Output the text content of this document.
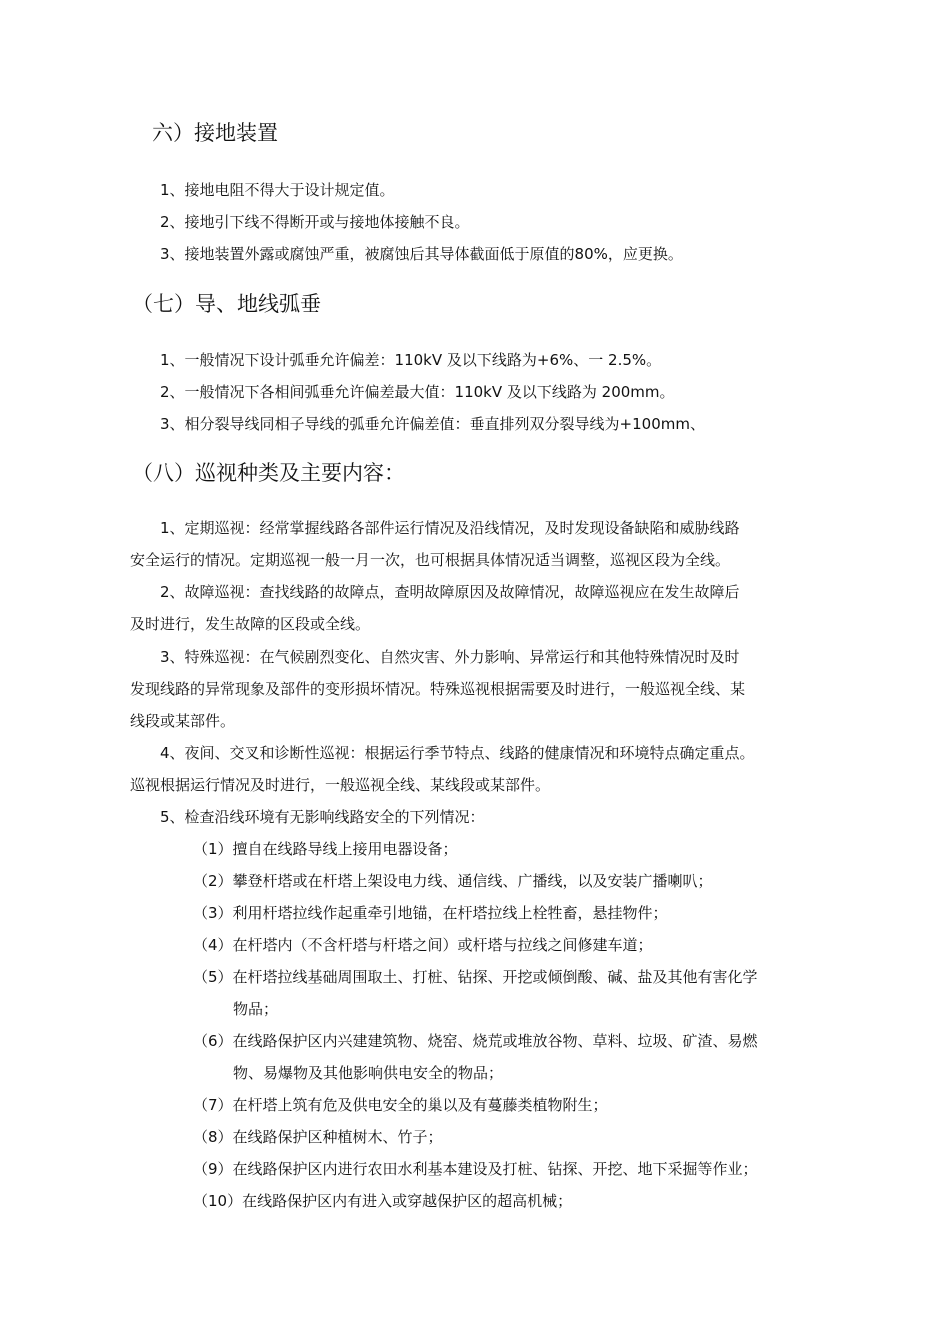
六）接地装置
1、接地电阻不得大于设计规定值。
2、接地引下线不得断开或与接地体接触不良。
3、接地装置外露或腐蚀严重，被腐蚀后其导体截面低于原值的80%，应更换。
（七）导、地线弧垂
1、一般情况下设计弧垂允许偏差：110kV 及以下线路为+6%、一 2.5%。
2、一般情况下各相间弧垂允许偏差最大值：110kV 及以下线路为 200mm。
3、相分裂导线同相子导线的弧垂允许偏差值：垂直排列双分裂导线为+100mm、
（八）巡视种类及主要内容：
1、定期巡视：经常掌握线路各部件运行情况及沿线情况，及时发现设备缺陷和威胁线路
安全运行的情况。定期巡视一般一月一次，也可根据具体情况适当调整，巡视区段为全线。
2、故障巡视：查找线路的故障点，查明故障原因及故障情况，故障巡视应在发生故障后
及时进行，发生故障的区段或全线。
3、特殊巡视：在气候剧烈变化、自然灾害、外力影响、异常运行和其他特殊情况时及时
发现线路的异常现象及部件的变形损坏情况。特殊巡视根据需要及时进行，一般巡视全线、某
线段或某部件。
4、夜间、交叉和诊断性巡视：根据运行季节特点、线路的健康情况和环境特点确定重点。
巡视根据运行情况及时进行，一般巡视全线、某线段或某部件。
5、检查沿线环境有无影响线路安全的下列情况：
（1）擅自在线路导线上接用电器设备；
（2）攀登杆塔或在杆塔上架设电力线、通信线、广播线，以及安装广播喇叭；
（3）利用杆塔拉线作起重牵引地锚，在杆塔拉线上栓牲畜，悬挂物件；
（4）在杆塔内（不含杆塔与杆塔之间）或杆塔与拉线之间修建车道；
（5）在杆塔拉线基础周围取土、打桩、钻探、开挖或倾倒酸、碱、盐及其他有害化学
物品；
（6）在线路保护区内兴建建筑物、烧窑、烧荒或堆放谷物、草料、垃圾、矿渣、易燃
物、易爆物及其他影响供电安全的物品；
（7）在杆塔上筑有危及供电安全的巢以及有蔓藤类植物附生；
（8）在线路保护区种植树木、竹子；
（9）在线路保护区内进行农田水利基本建设及打桩、钻探、开挖、地下采掘等作业；
（10）在线路保护区内有进入或穿越保护区的超高机械；
